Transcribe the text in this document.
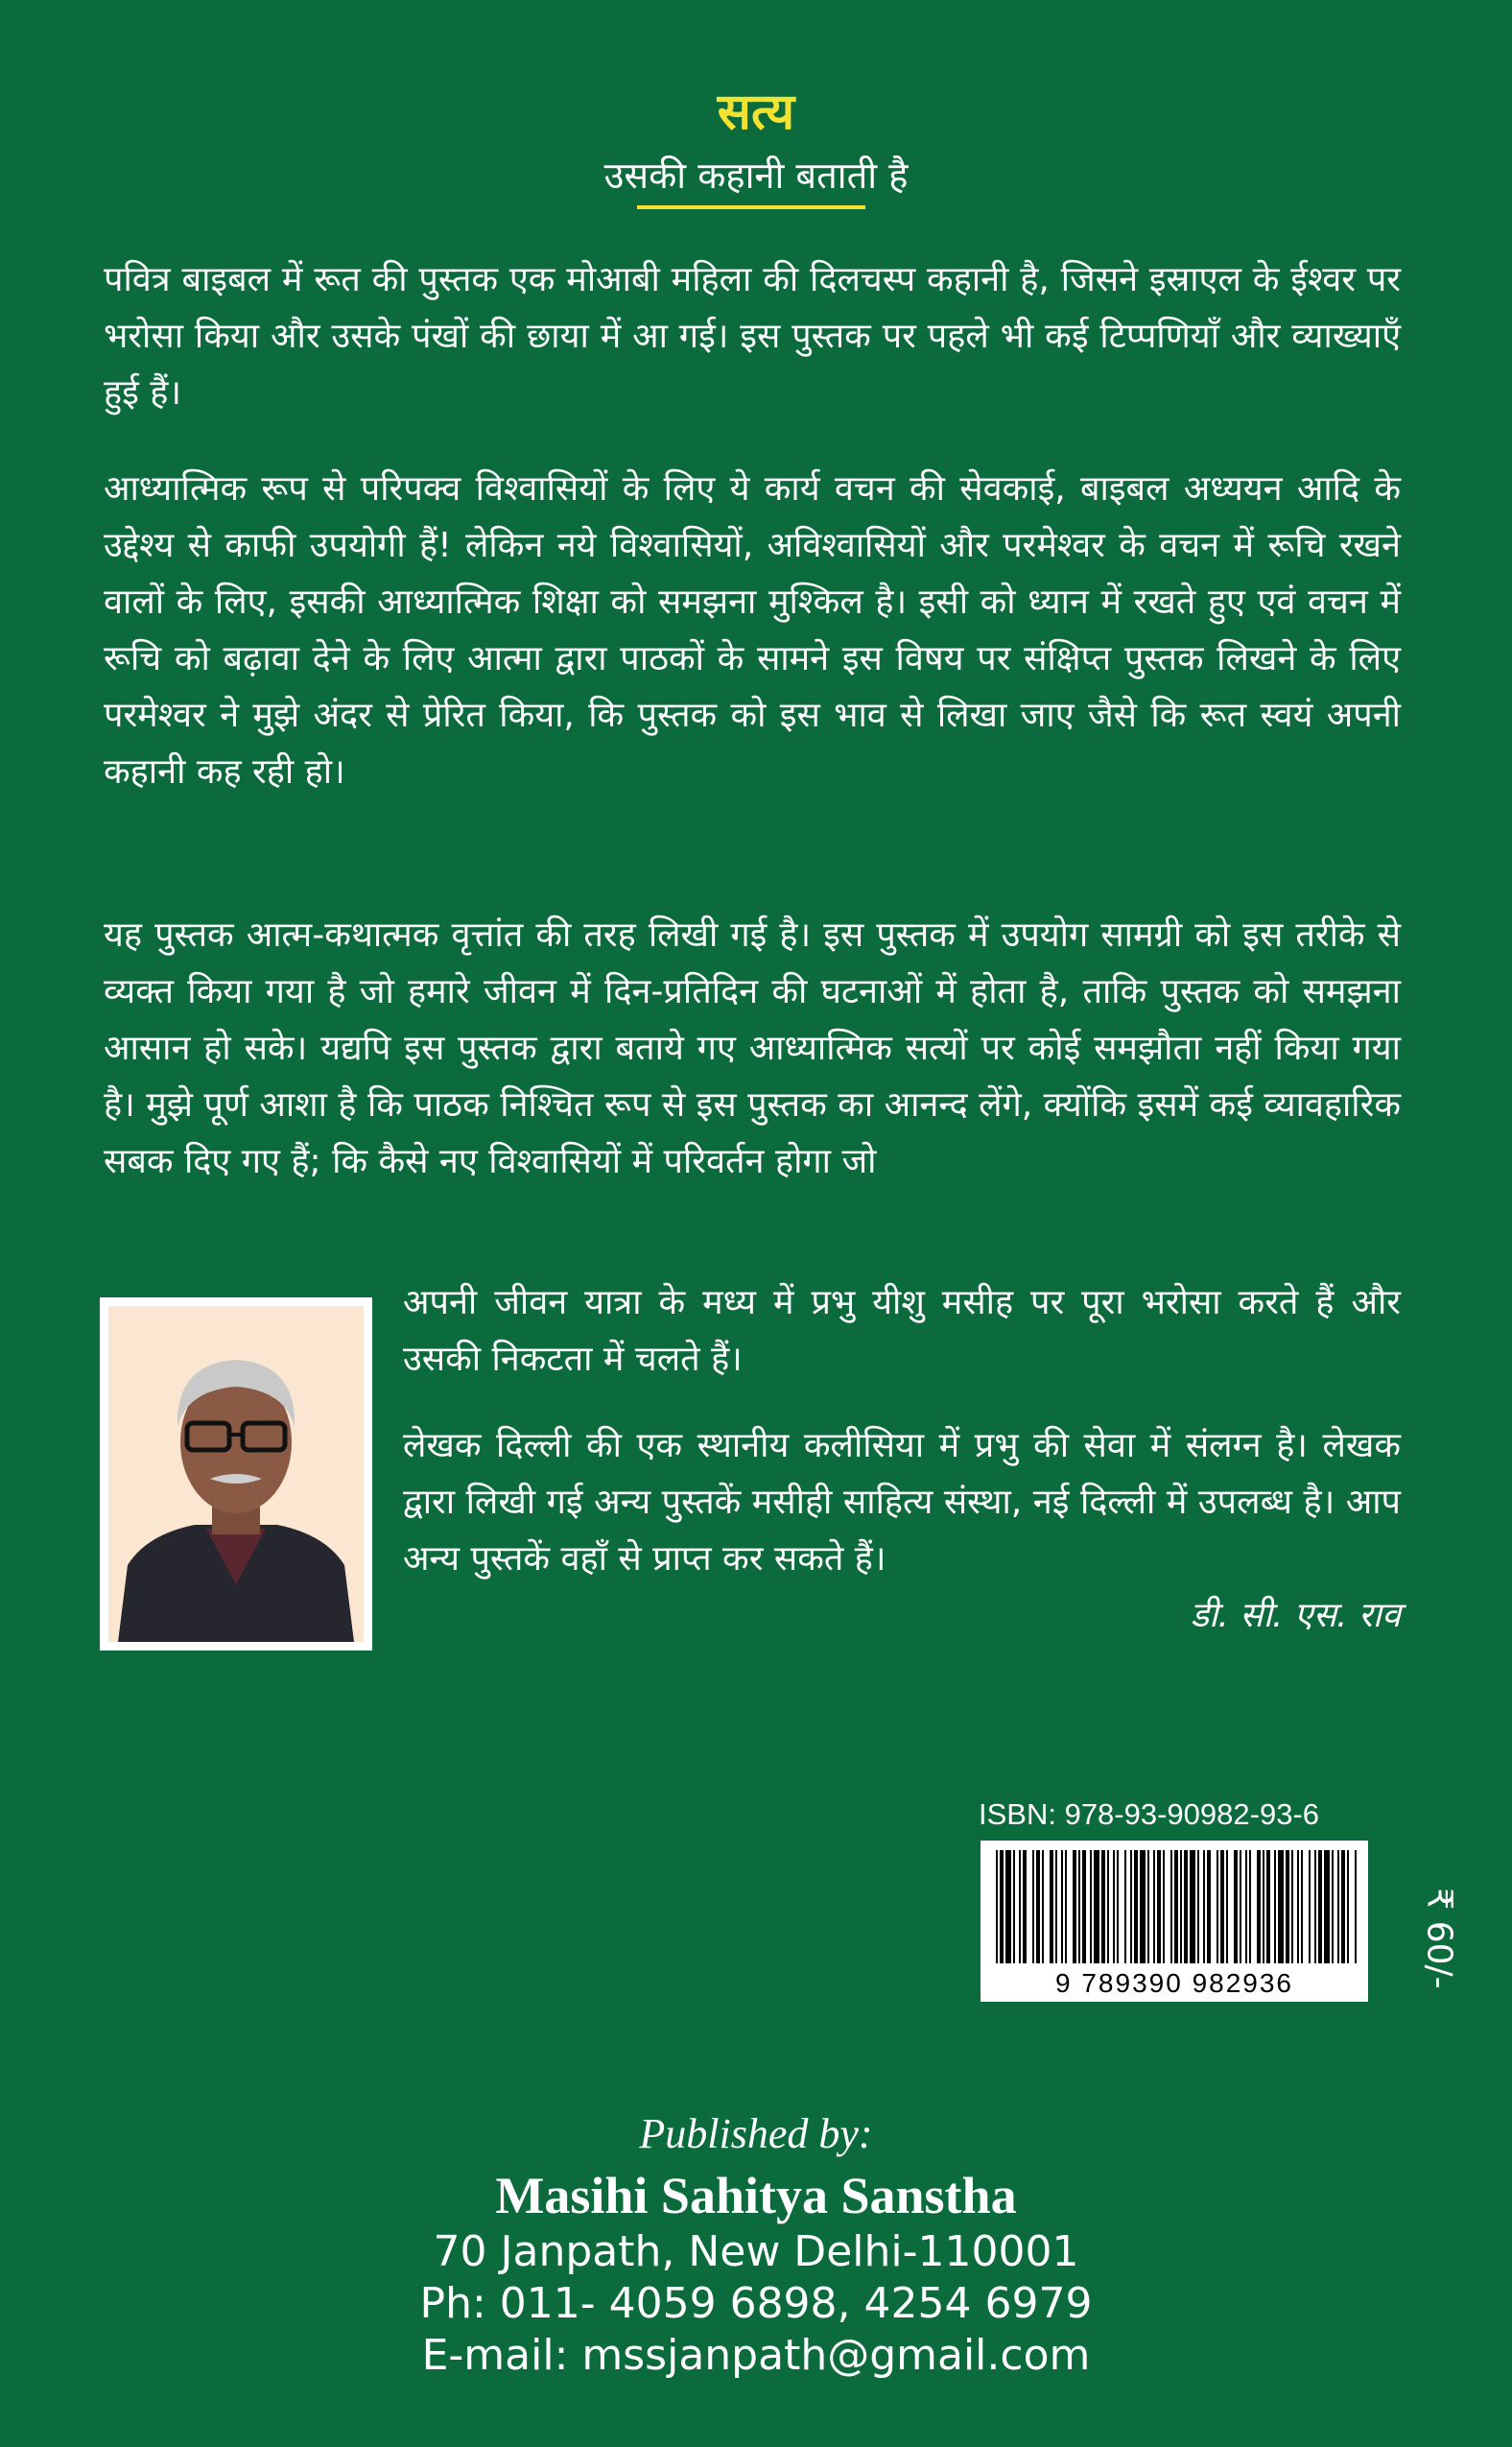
सत्य
उसकी कहानी बताती है
पवित्र बाइबल में रूत की पुस्तक एक मोआबी महिला की दिलचस्प कहानी है, जिसने इस्राएल के ईश्वर पर भरोसा किया और उसके पंखों की छाया में आ गई। इस पुस्तक पर पहले भी कई टिप्पणियाँ और व्याख्याएँ हुई हैं।
आध्यात्मिक रूप से परिपक्व विश्वासियों के लिए ये कार्य वचन की सेवकाई, बाइबल अध्ययन आदि के उद्देश्य से काफी उपयोगी हैं! लेकिन नये विश्वासियों, अविश्वासियों और परमेश्वर के वचन में रूचि रखने वालों के लिए, इसकी आध्यात्मिक शिक्षा को समझना मुश्किल है। इसी को ध्यान में रखते हुए एवं वचन में रूचि को बढ़ावा देने के लिए आत्मा द्वारा पाठकों के सामने इस विषय पर संक्षिप्त पुस्तक लिखने के लिए परमेश्वर ने मुझे अंदर से प्रेरित किया, कि पुस्तक को इस भाव से लिखा जाए जैसे कि रूत स्वयं अपनी कहानी कह रही हो।
यह पुस्तक आत्म-कथात्मक वृत्तांत की तरह लिखी गई है। इस पुस्तक में उपयोग सामग्री को इस तरीके से व्यक्त किया गया है जो हमारे जीवन में दिन-प्रतिदिन की घटनाओं में होता है, ताकि पुस्तक को समझना आसान हो सके। यद्यपि इस पुस्तक द्वारा बताये गए आध्यात्मिक सत्यों पर कोई समझौता नहीं किया गया है। मुझे पूर्ण आशा है कि पाठक निश्चित रूप से इस पुस्तक का आनन्द लेंगे, क्योंकि इसमें कई व्यावहारिक सबक दिए गए हैं; कि कैसे नए विश्वासियों में परिवर्तन होगा जो
अपनी जीवन यात्रा के मध्य में प्रभु यीशु मसीह पर पूरा भरोसा करते हैं और उसकी निकटता में चलते हैं।
लेखक दिल्ली की एक स्थानीय कलीसिया में प्रभु की सेवा में संलग्न है। लेखक द्वारा लिखी गई अन्य पुस्तकें मसीही साहित्य संस्था, नई दिल्ली में उपलब्ध है। आप अन्य पुस्तकें वहाँ से प्राप्त कर सकते हैं।
डी. सी. एस. राव
ISBN: 978-93-90982-93-6
9 789390 982936	₹ 60/-
Published by:
Masihi Sahitya Sanstha
70 Janpath, New Delhi-110001
Ph: 011- 4059 6898, 4254 6979
E-mail: mssjanpath@gmail.com
